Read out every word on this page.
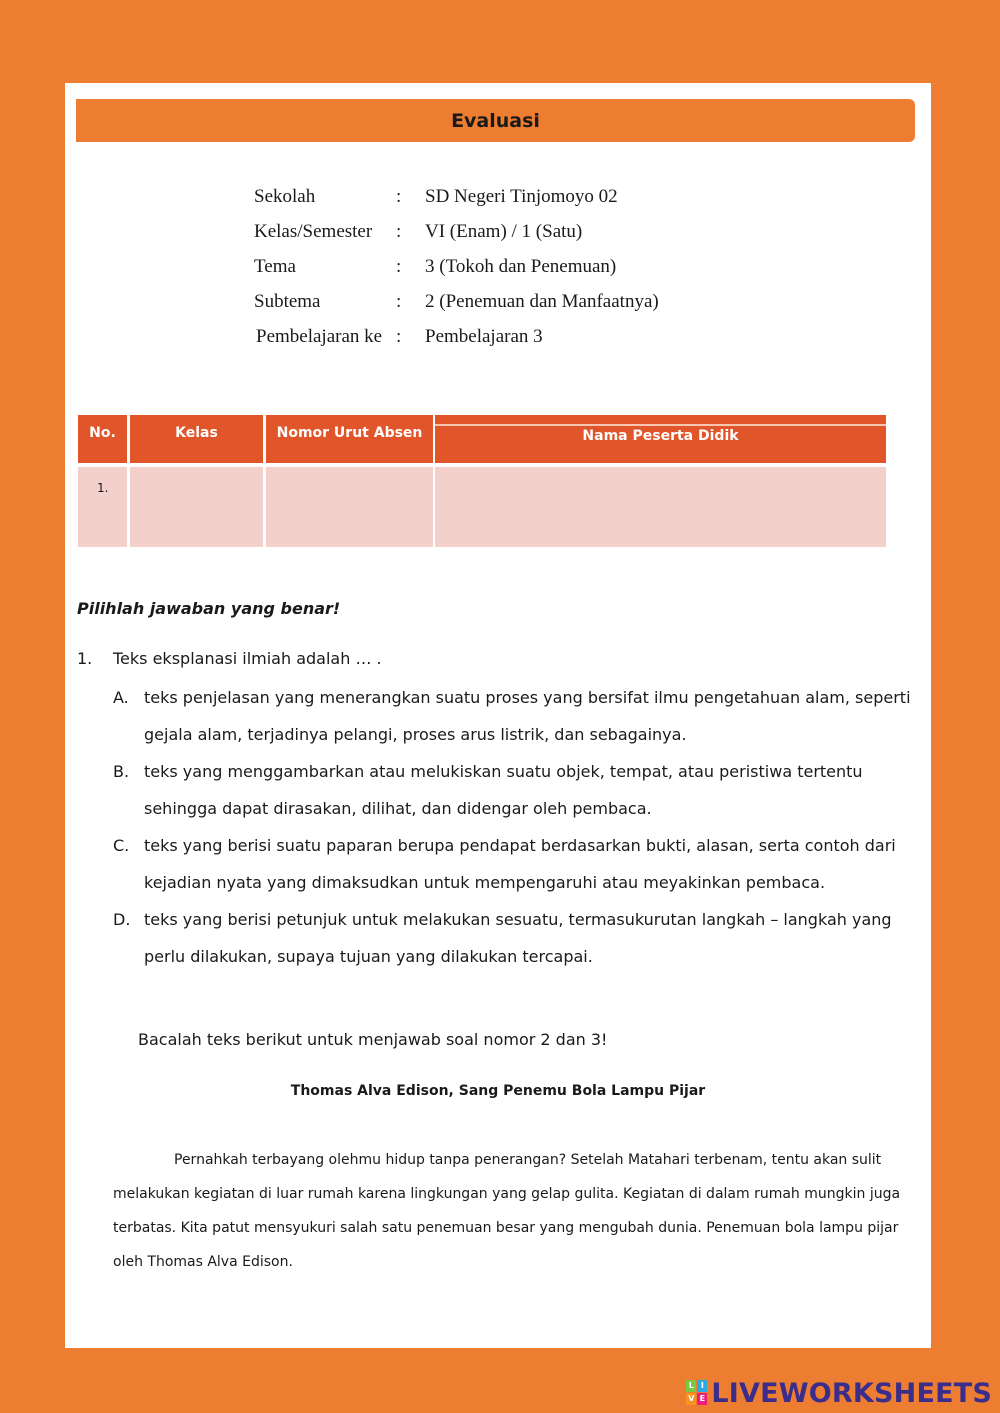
Evaluasi
Sekolah	: SD Negeri Tinjomoyo 02
Kelas/Semester : VI (Enam) / 1 (Satu)
Tema	: 3 (Tokoh dan Penemuan)
Subtema	: 2 (Penemuan dan Manfaatnya)
Pembelajaran ke : Pembelajaran 3
No.	Kelas	Nomor Urut Absen	Nama Peserta Didik
1.
Pilihlah jawaban yang benar!
1. Teks eksplanasi ilmiah adalah … .
A. teks penjelasan yang menerangkan suatu proses yang bersifat ilmu pengetahuan alam, seperti gejala alam, terjadinya pelangi, proses arus listrik, dan sebagainya.
B. teks yang menggambarkan atau melukiskan suatu objek, tempat, atau peristiwa tertentu sehingga dapat dirasakan, dilihat, dan didengar oleh pembaca.
C. teks yang berisi suatu paparan berupa pendapat berdasarkan bukti, alasan, serta contoh dari kejadian nyata yang dimaksudkan untuk mempengaruhi atau meyakinkan pembaca.
D. teks yang berisi petunjuk untuk melakukan sesuatu, termasukurutan langkah – langkah yang perlu dilakukan, supaya tujuan yang dilakukan tercapai.
Bacalah teks berikut untuk menjawab soal nomor 2 dan 3!
Thomas Alva Edison, Sang Penemu Bola Lampu Pijar
Pernahkah terbayang olehmu hidup tanpa penerangan? Setelah Matahari terbenam, tentu akan sulit melakukan kegiatan di luar rumah karena lingkungan yang gelap gulita. Kegiatan di dalam rumah mungkin juga terbatas. Kita patut mensyukuri salah satu penemuan besar yang mengubah dunia. Penemuan bola lampu pijar oleh Thomas Alva Edison.
L I
V E LIVEWORKSHEETS
